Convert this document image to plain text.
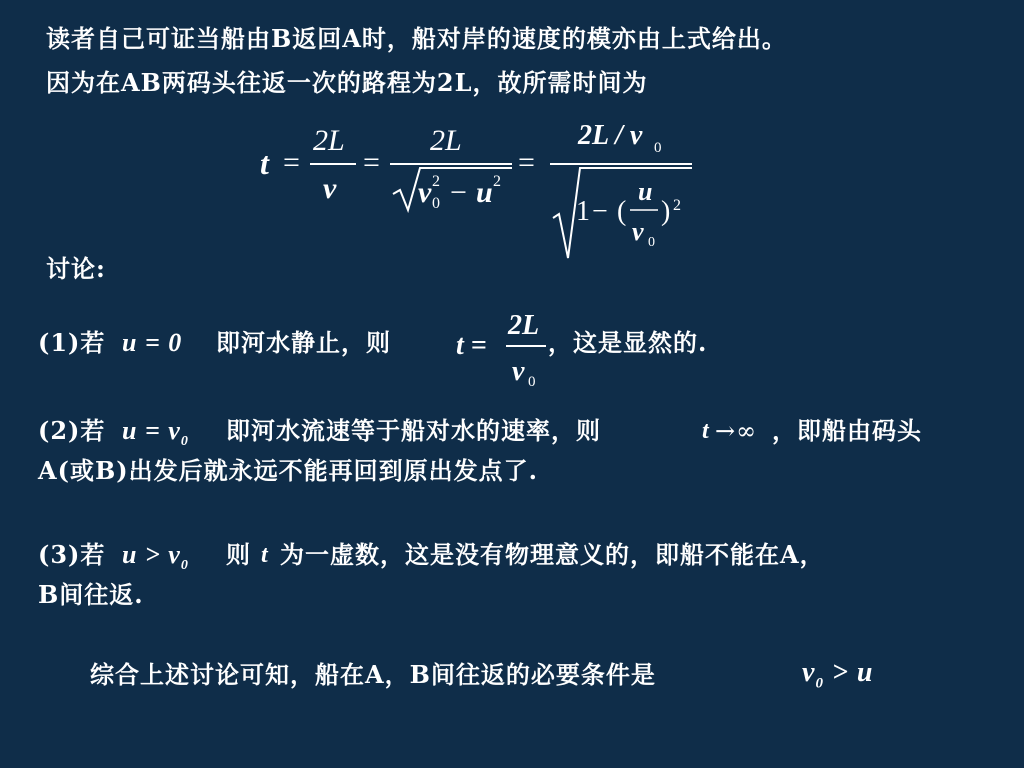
读者自己可证当船由B返回A时，船对岸的速度的模亦由上式给出。
因为在AB两码头往返一次的路程为2L，故所需时间为
t =
2L
v
=
2L
v 2
0 − u 2
=
2L / v 0
1 − (
u
v 0
) 2
讨论:
(1)若 u = 0 即河水静止，则 t =
2L
v 0
，这是显然的.
(2)若 $u = v_0$ 即河水流速等于船对水的速率，则	t →∞ ，即船由码头
A(或B)出发后就永远不能再回到原出发点了.
(3)若 $u > v_0$ 则 t 为一虚数，这是没有物理意义的，即船不能在A，
B间往返.
综合上述讨论可知，船在A，B间往返的必要条件是	$v_0 > u$
